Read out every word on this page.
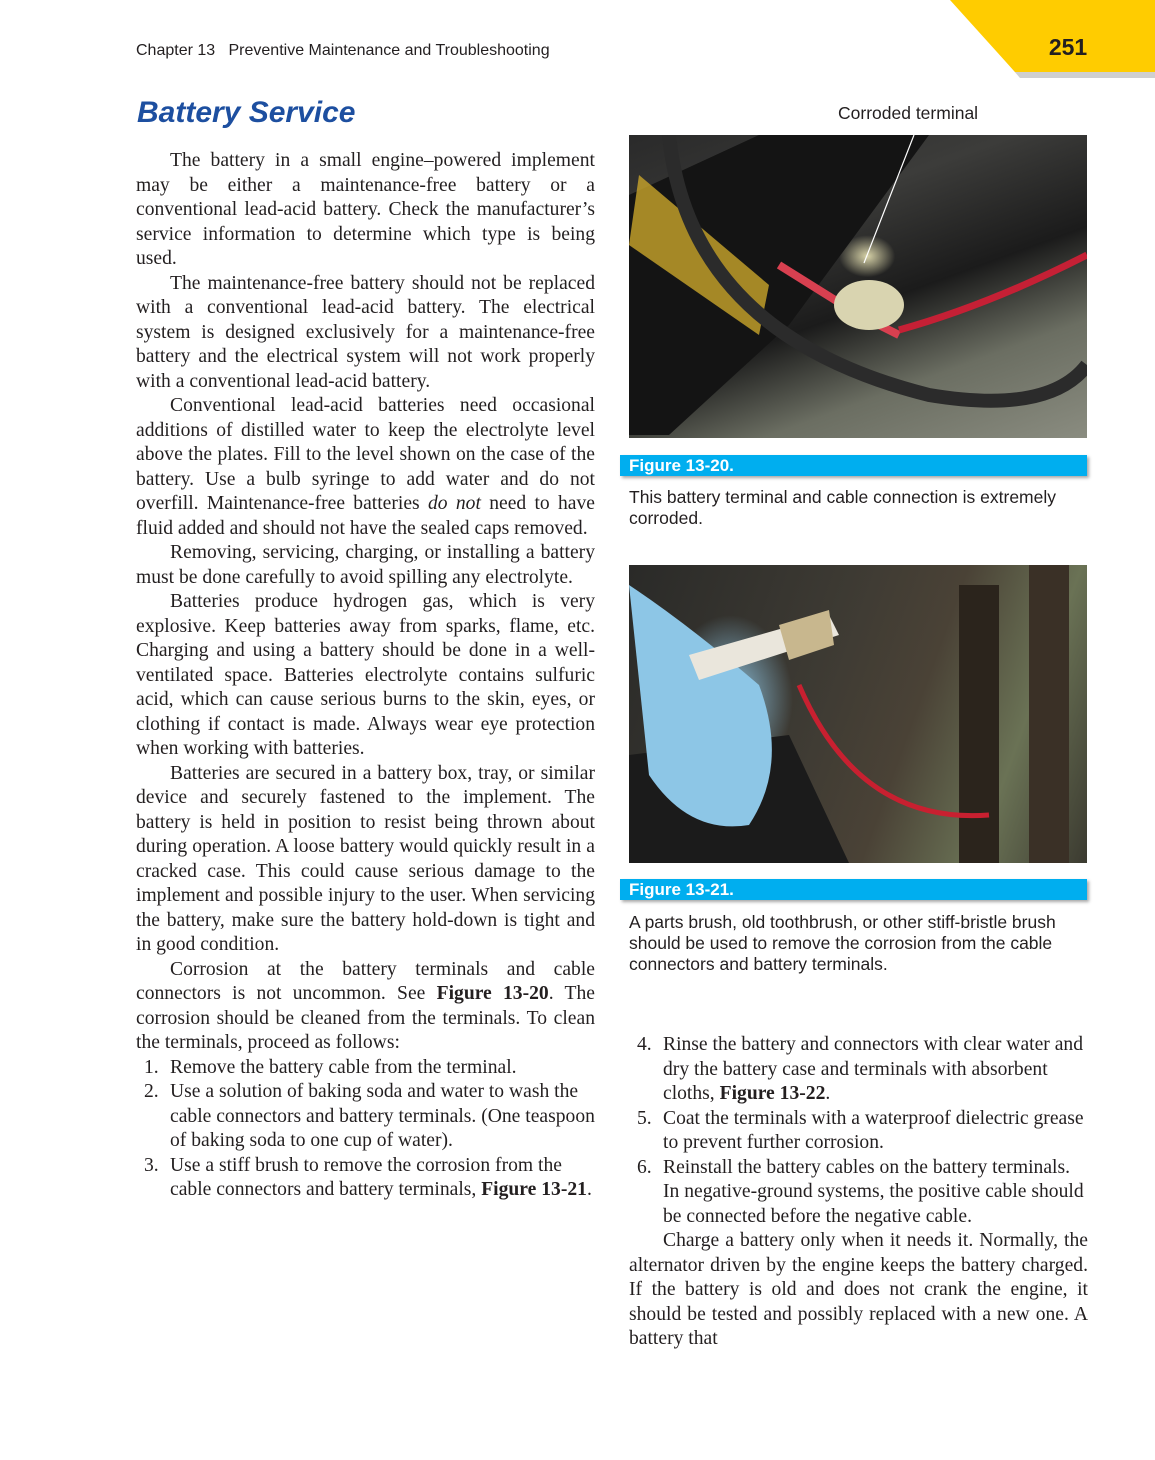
251
Chapter 13   Preventive Maintenance and Troubleshooting
Battery Service

The battery in a small engine–powered implement may be either a maintenance-free battery or a conventional lead-acid battery. Check the manufacturer’s service information to determine which type is being used.

The maintenance-free battery should not be replaced with a conventional lead-acid battery. The electrical system is designed exclusively for a maintenance-free battery and the electrical system will not work properly with a conventional lead-acid battery.

Conventional lead-acid batteries need occasional additions of distilled water to keep the electrolyte level above the plates. Fill to the level shown on the case of the battery. Use a bulb syringe to add water and do not overfill. Maintenance-free batteries do not need to have fluid added and should not have the sealed caps removed.

Removing, servicing, charging, or installing a battery must be done carefully to avoid spilling any electrolyte.

Batteries produce hydrogen gas, which is very explosive. Keep batteries away from sparks, flame, etc. Charging and using a battery should be done in a well-ventilated space. Batteries electrolyte contains sulfuric acid, which can cause serious burns to the skin, eyes, or clothing if contact is made. Always wear eye protection when working with batteries.

Batteries are secured in a battery box, tray, or similar device and securely fastened to the implement. The battery is held in position to resist being thrown about during operation. A loose battery would quickly result in a cracked case. This could cause serious damage to the implement and possible injury to the user. When servicing the battery, make sure the battery hold-down is tight and in good condition.

Corrosion at the battery terminals and cable connectors is not uncommon. See Figure 13-20. The corrosion should be cleaned from the terminals. To clean the terminals, proceed as follows:

1. Remove the battery cable from the terminal.
2. Use a solution of baking soda and water to wash the cable connectors and battery terminals. (One teaspoon of baking soda to one cup of water).
3. Use a stiff brush to remove the corrosion from the cable connectors and battery terminals, Figure 13-21.
Corroded terminal
Figure 13-20.
This battery terminal and cable connection is extremely corroded.
Figure 13-21.
A parts brush, old toothbrush, or other stiff-bristle brush should be used to remove the corrosion from the cable connectors and battery terminals.
4. Rinse the battery and connectors with clear water and dry the battery case and terminals with absorbent cloths, Figure 13-22.
5. Coat the terminals with a waterproof dielectric grease to prevent further corrosion.
6. Reinstall the battery cables on the battery terminals. In negative-ground systems, the positive cable should be connected before the negative cable.

Charge a battery only when it needs it. Normally, the alternator driven by the engine keeps the battery charged. If the battery is old and does not crank the engine, it should be tested and possibly replaced with a new one. A battery that
